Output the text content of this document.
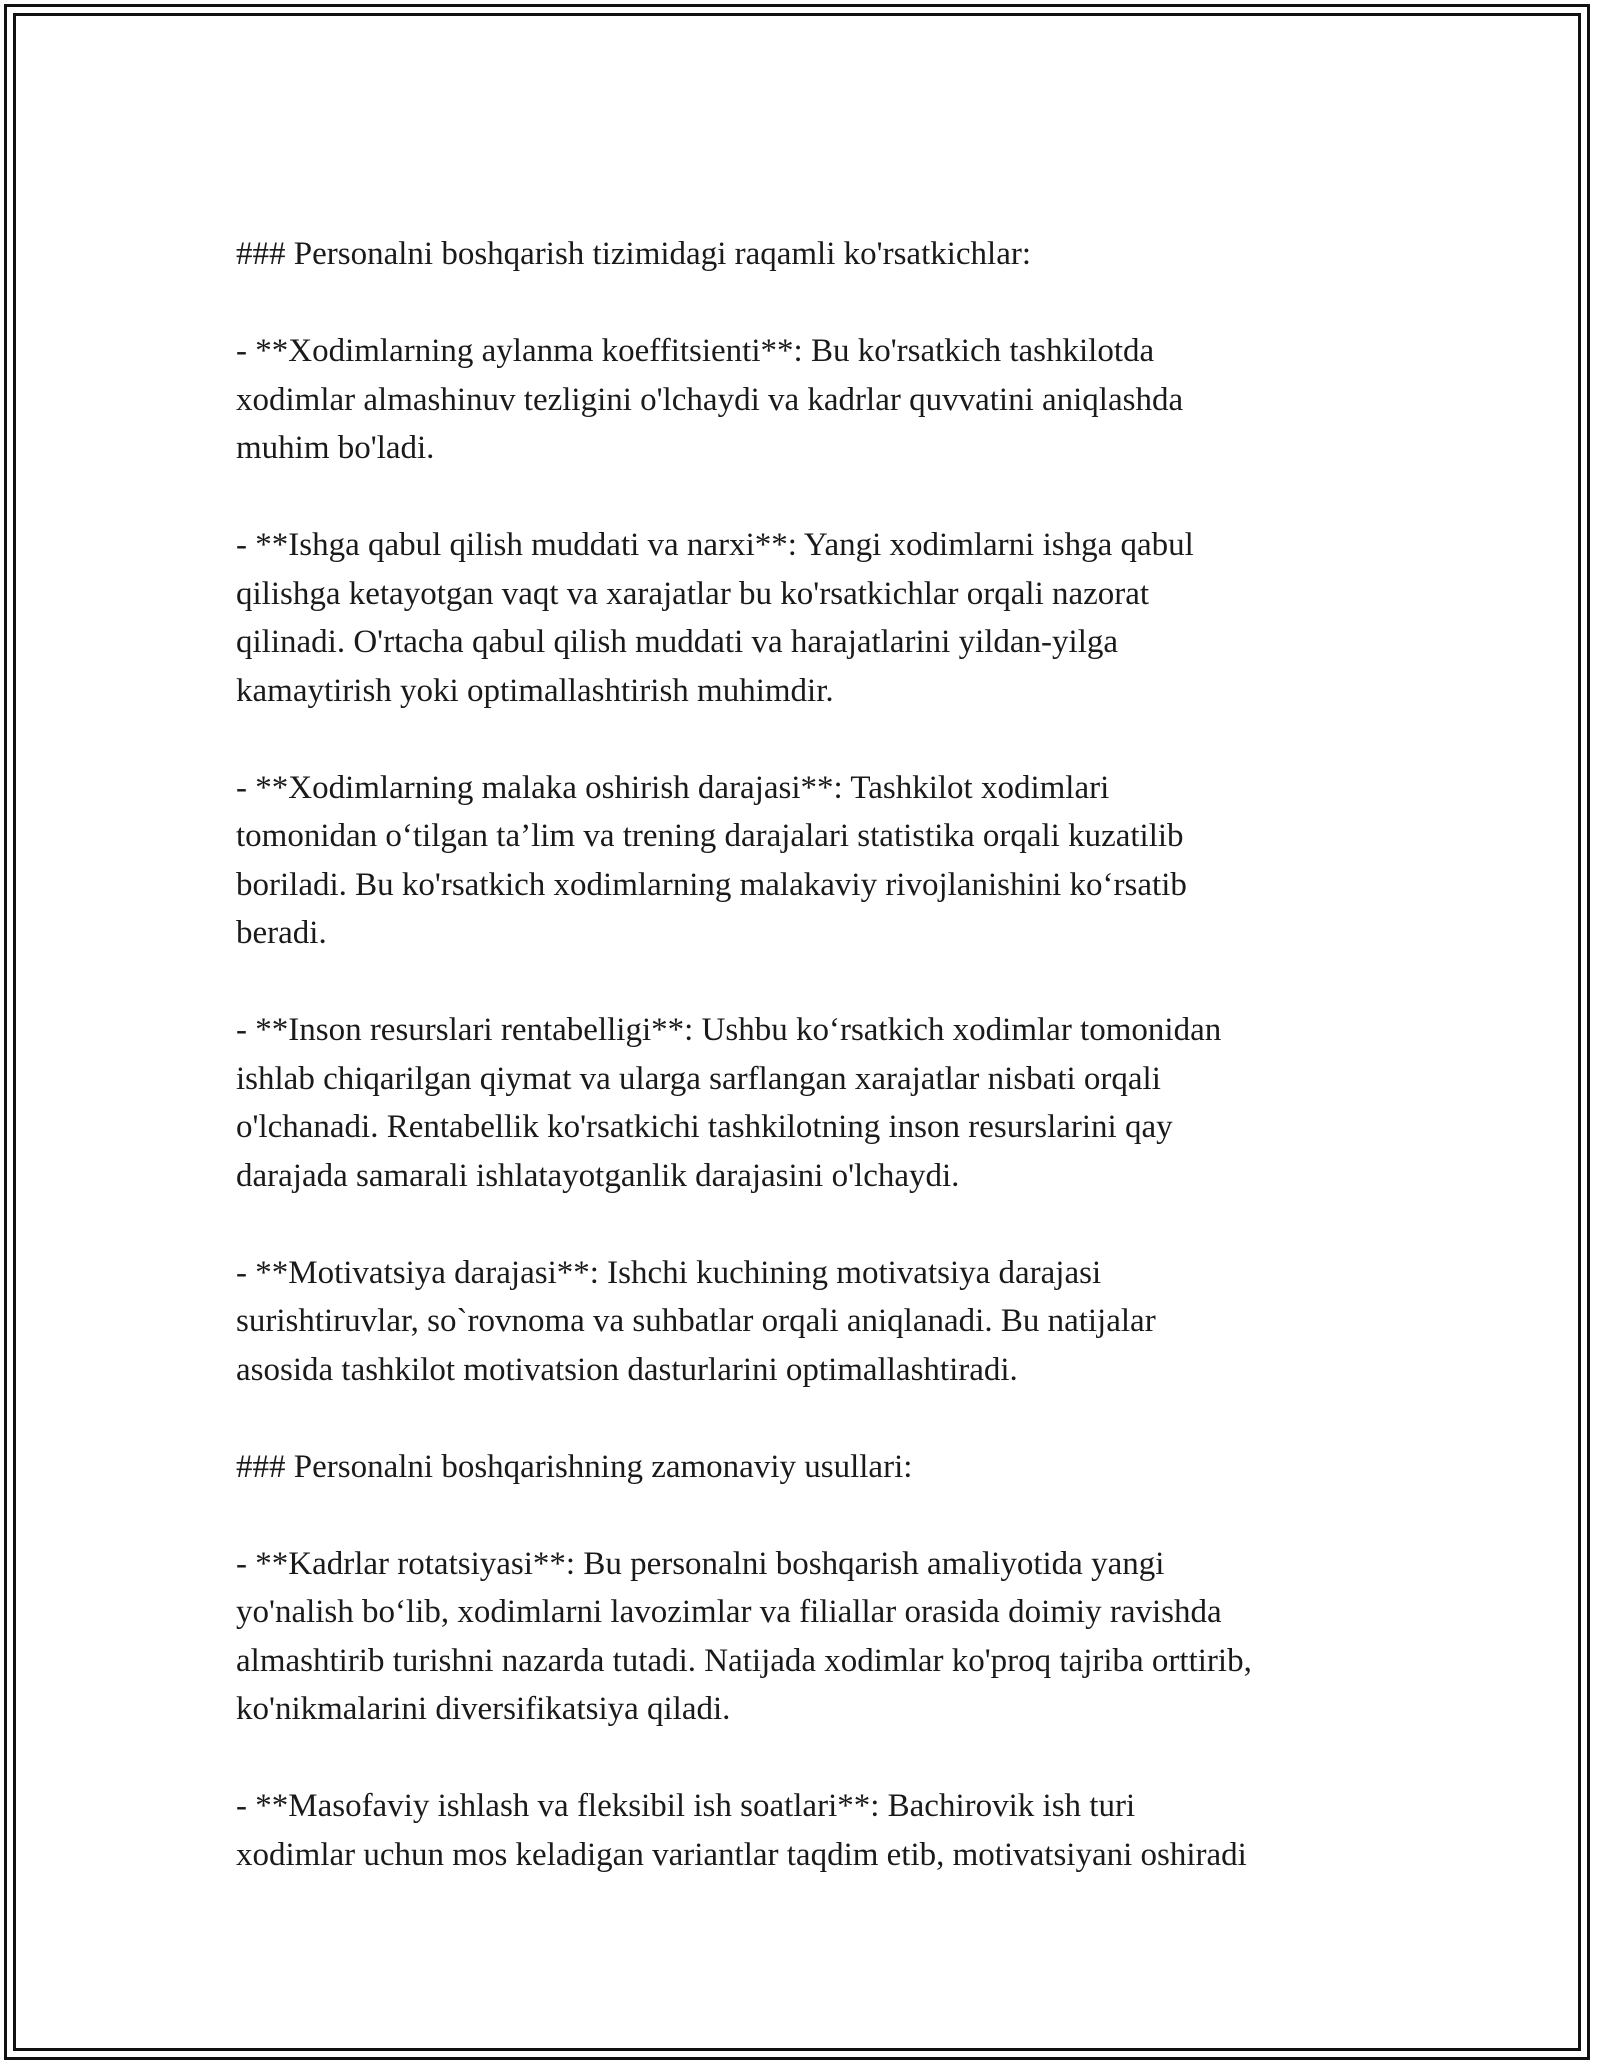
### Personalni boshqarish tizimidagi raqamli ko'rsatkichlar:

- **Xodimlarning aylanma koeffitsienti**: Bu ko'rsatkich tashkilotda
xodimlar almashinuv tezligini o'lchaydi va kadrlar quvvatini aniqlashda
muhim bo'ladi.

- **Ishga qabul qilish muddati va narxi**: Yangi xodimlarni ishga qabul
qilishga ketayotgan vaqt va xarajatlar bu ko'rsatkichlar orqali nazorat
qilinadi. O'rtacha qabul qilish muddati va harajatlarini yildan-yilga
kamaytirish yoki optimallashtirish muhimdir.

- **Xodimlarning malaka oshirish darajasi**: Tashkilot xodimlari
tomonidan o‘tilgan ta’lim va trening darajalari statistika orqali kuzatilib
boriladi. Bu ko'rsatkich xodimlarning malakaviy rivojlanishini ko‘rsatib
beradi.

- **Inson resurslari rentabelligi**: Ushbu ko‘rsatkich xodimlar tomonidan
ishlab chiqarilgan qiymat va ularga sarflangan xarajatlar nisbati orqali
o'lchanadi. Rentabellik ko'rsatkichi tashkilotning inson resurslarini qay
darajada samarali ishlatayotganlik darajasini o'lchaydi.

- **Motivatsiya darajasi**: Ishchi kuchining motivatsiya darajasi
surishtiruvlar, so`rovnoma va suhbatlar orqali aniqlanadi. Bu natijalar
asosida tashkilot motivatsion dasturlarini optimallashtiradi.

### Personalni boshqarishning zamonaviy usullari:

- **Kadrlar rotatsiyasi**: Bu personalni boshqarish amaliyotida yangi
yo'nalish bo‘lib, xodimlarni lavozimlar va filiallar orasida doimiy ravishda
almashtirib turishni nazarda tutadi. Natijada xodimlar ko'proq tajriba orttirib,
ko'nikmalarini diversifikatsiya qiladi.

- **Masofaviy ishlash va fleksibil ish soatlari**: Bachirovik ish turi
xodimlar uchun mos keladigan variantlar taqdim etib, motivatsiyani oshiradi
